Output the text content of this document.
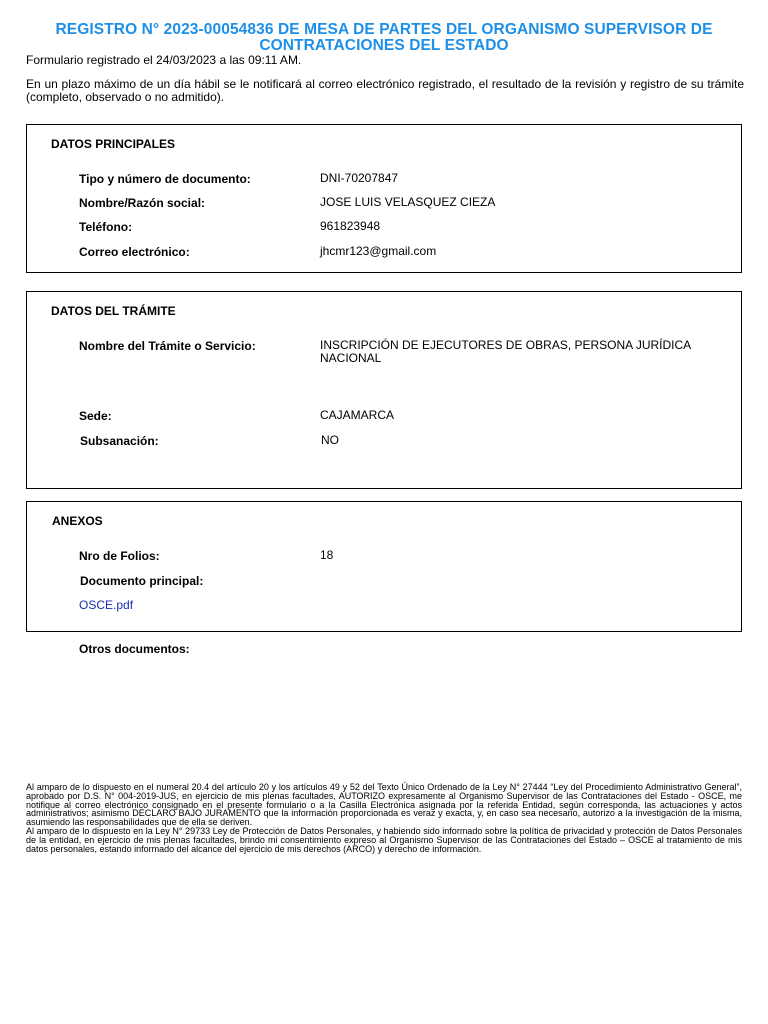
REGISTRO N° 2023-00054836 DE MESA DE PARTES DEL ORGANISMO SUPERVISOR DE CONTRATACIONES DEL ESTADO
Formulario registrado el 24/03/2023 a las 09:11 AM.
En un plazo máximo de un día hábil se le notificará al correo electrónico registrado, el resultado de la revisión y registro de su trámite (completo, observado o no admitido).
DATOS PRINCIPALES
Tipo y número de documento:	DNI-70207847
Nombre/Razón social:	JOSE LUIS VELASQUEZ CIEZA
Teléfono:	961823948
Correo electrónico:	jhcmr123@gmail.com
DATOS DEL TRÁMITE
Nombre del Trámite o Servicio:	INSCRIPCIÓN DE EJECUTORES DE OBRAS, PERSONA JURÍDICA NACIONAL
Sede:	CAJAMARCA
Subsanación:	NO
ANEXOS
Nro de Folios:	18
Documento principal:
OSCE.pdf
Otros documentos:

Al amparo de lo dispuesto en el numeral 20.4 del artículo 20 y los artículos 49 y 52 del Texto Único Ordenado de la Ley N° 27444 “Ley del Procedimiento Administrativo General”, aprobado por D.S. N° 004-2019-JUS, en ejercicio de mis plenas facultades, AUTORIZO expresamente al Organismo Supervisor de las Contrataciones del Estado - OSCE, me notifique al correo electrónico consignado en el presente formulario o a la Casilla Electrónica asignada por la referida Entidad, según corresponda, las actuaciones y actos administrativos; asimismo DECLARO BAJO JURAMENTO que la información proporcionada es veraz y exacta, y, en caso sea necesario, autorizo a la investigación de la misma, asumiendo las responsabilidades que de ella se deriven.

Al amparo de lo dispuesto en la Ley N° 29733 Ley de Protección de Datos Personales, y habiendo sido informado sobre la política de privacidad y protección de Datos Personales de la entidad, en ejercicio de mis plenas facultades, brindo mi consentimiento expreso al Organismo Supervisor de las Contrataciones del Estado – OSCE al tratamiento de mis datos personales, estando informado del alcance del ejercicio de mis derechos (ARCO) y derecho de información.
